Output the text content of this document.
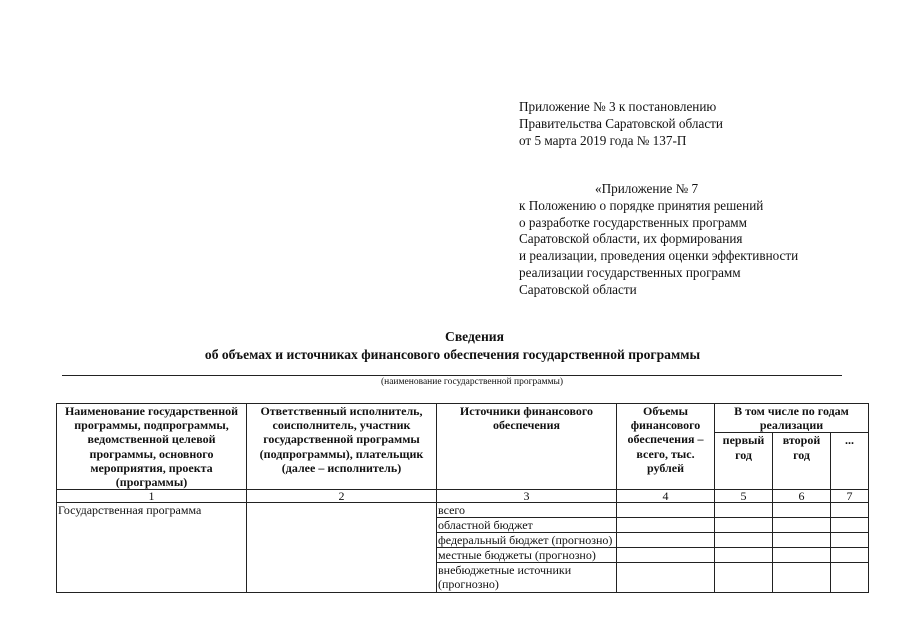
Приложение № 3 к постановлению
Правительства Саратовской области
от 5 марта 2019 года № 137-П
«Приложение № 7
к Положению о порядке принятия решений
о разработке государственных программ
Саратовской области, их формирования
и реализации, проведения оценки эффективности
реализации государственных программ
Саратовской области
Сведения
об объемах и источниках финансового обеспечения государственной программы
(наименование государственной программы)
Наименование государственной программы, подпрограммы, ведомственной целевой программы, основного мероприятия, проекта (программы)	Ответственный исполнитель, соисполнитель, участник государственной программы (подпрограммы), плательщик (далее – исполнитель)	Источники финансового обеспечения	Объемы финансового обеспечения – всего, тыс. рублей	В том числе по годам реализации		
				первый год	второй год	...
1	2	3	4	5	6	7
Государственная программа		всего				
		областной бюджет				
		федеральный бюджет (прогнозно)				
		местные бюджеты (прогнозно)				
		внебюджетные источники (прогнозно)				
